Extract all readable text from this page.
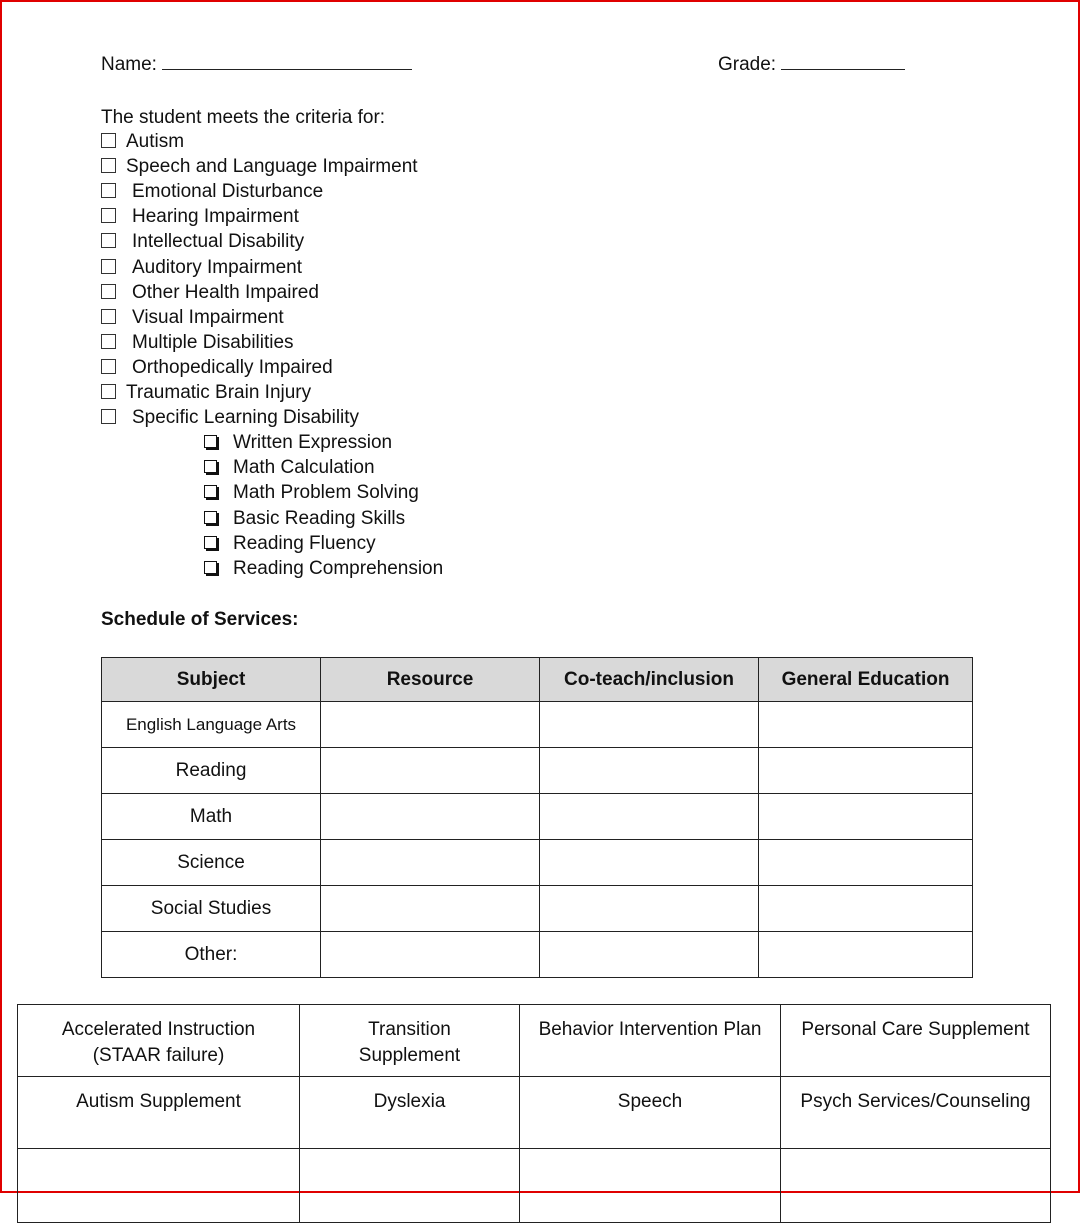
Name:	Grade:
The student meets the criteria for:
Autism
Speech and Language Impairment
Emotional Disturbance
Hearing Impairment
Intellectual Disability
Auditory Impairment
Other Health Impaired
Visual Impairment
Multiple Disabilities
Orthopedically Impaired
Traumatic Brain Injury
Specific Learning Disability
Written Expression
Math Calculation
Math Problem Solving
Basic Reading Skills
Reading Fluency
Reading Comprehension
Schedule of Services:
Subject	Resource	Co-teach/inclusion	General Education
English Language Arts			
Reading			
Math			
Science			
Social Studies			
Other:			
Accelerated Instruction (STAAR failure)	Transition Supplement	Behavior Intervention Plan	Personal Care Supplement
Autism Supplement	Dyslexia	Speech	Psych Services/Counseling
